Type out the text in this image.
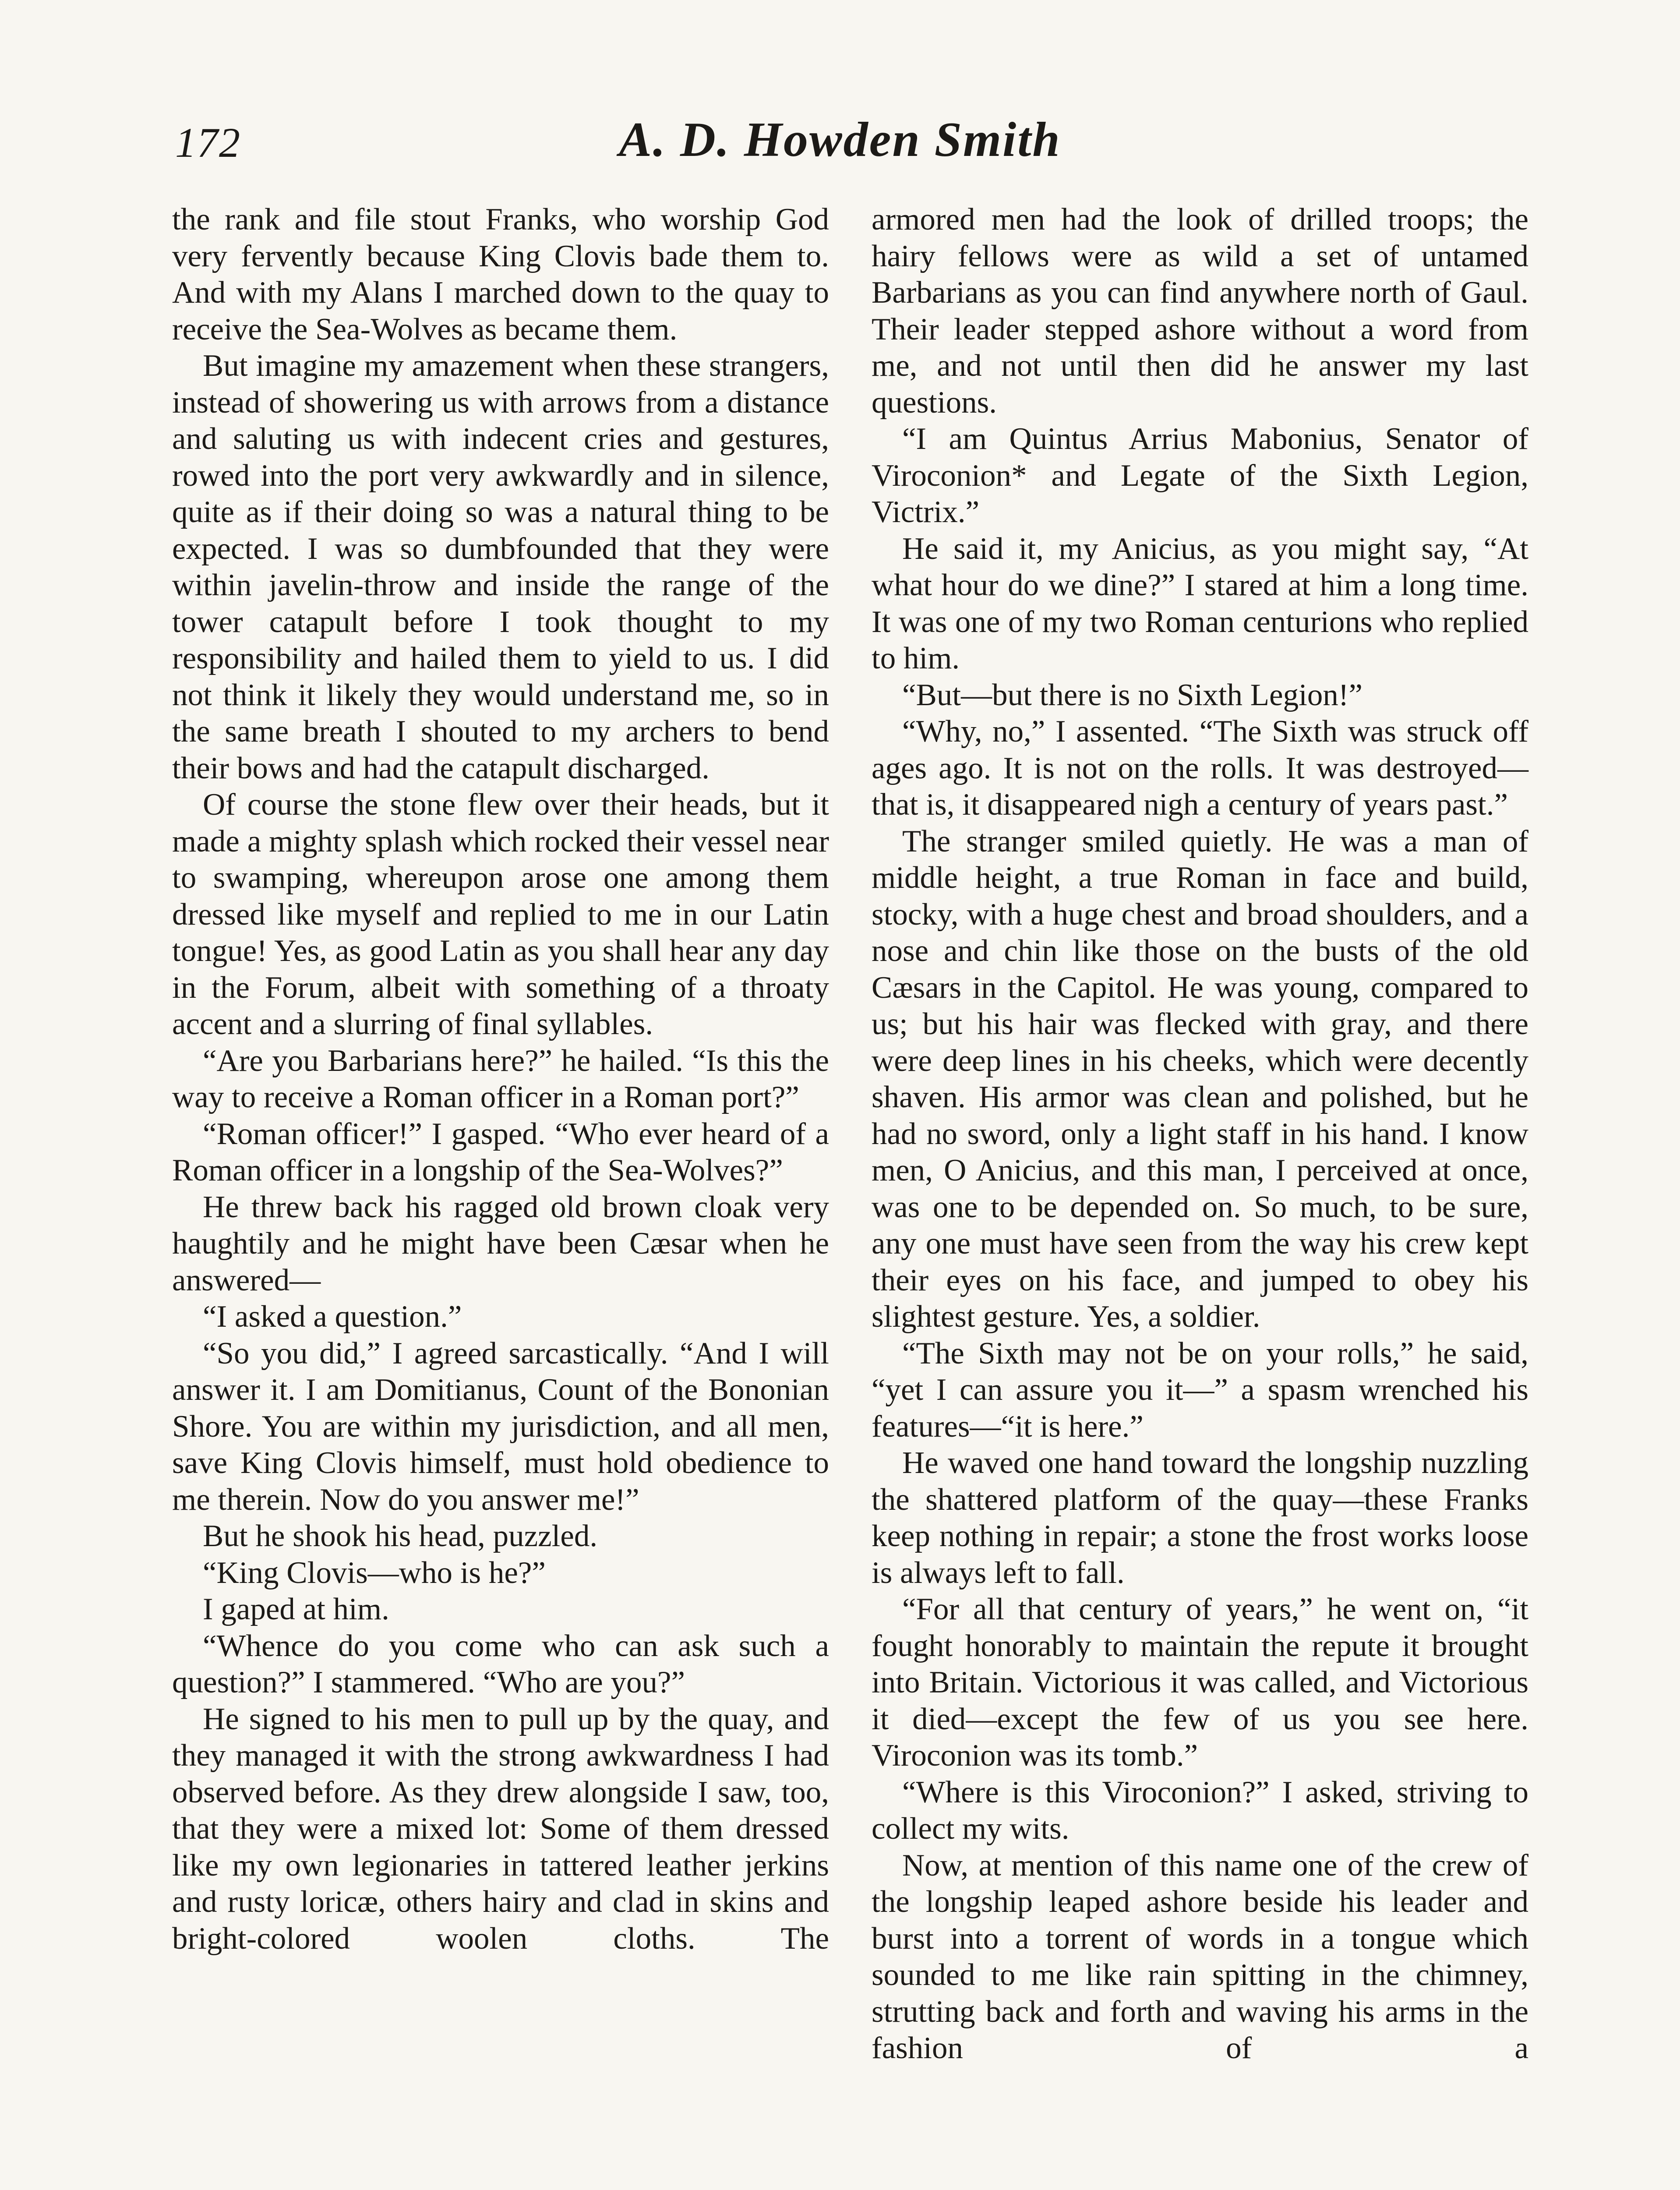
172	A. D. Howden Smith

the rank and file stout Franks, who worship God very fervently because King Clovis bade them to. And with my Alans I marched down to the quay to receive the Sea-Wolves as became them.

But imagine my amazement when these strangers, instead of showering us with arrows from a distance and saluting us with indecent cries and gestures, rowed into the port very awkwardly and in silence, quite as if their doing so was a natural thing to be expected. I was so dumbfounded that they were within javelin-throw and inside the range of the tower catapult before I took thought to my responsibility and hailed them to yield to us. I did not think it likely they would understand me, so in the same breath I shouted to my archers to bend their bows and had the catapult discharged.

Of course the stone flew over their heads, but it made a mighty splash which rocked their vessel near to swamping, whereupon arose one among them dressed like myself and replied to me in our Latin tongue! Yes, as good Latin as you shall hear any day in the Forum, albeit with something of a throaty accent and a slurring of final syllables.

“Are you Barbarians here?” he hailed. “Is this the way to receive a Roman officer in a Roman port?”

“Roman officer!” I gasped. “Who ever heard of a Roman officer in a longship of the Sea-Wolves?”

He threw back his ragged old brown cloak very haughtily and he might have been Cæsar when he answered—

“I asked a question.”

“So you did,” I agreed sarcastically. “And I will answer it. I am Domitianus, Count of the Bononian Shore. You are within my jurisdiction, and all men, save King Clovis himself, must hold obedience to me therein. Now do you answer me!”

But he shook his head, puzzled.

“King Clovis—who is he?”

I gaped at him.

“Whence do you come who can ask such a question?” I stammered. “Who are you?”

He signed to his men to pull up by the quay, and they managed it with the strong awkwardness I had observed before. As they drew alongside I saw, too, that they were a mixed lot: Some of them dressed like my own legionaries in tattered leather jerkins and rusty loricæ, others hairy and clad in skins and bright-colored woolen cloths. The

armored men had the look of drilled troops; the hairy fellows were as wild a set of untamed Barbarians as you can find anywhere north of Gaul. Their leader stepped ashore without a word from me, and not until then did he answer my last questions.

“I am Quintus Arrius Mabonius, Senator of Viroconion* and Legate of the Sixth Legion, Victrix.”

He said it, my Anicius, as you might say, “At what hour do we dine?” I stared at him a long time. It was one of my two Roman centurions who replied to him.

“But—but there is no Sixth Legion!”

“Why, no,” I assented. “The Sixth was struck off ages ago. It is not on the rolls. It was destroyed—that is, it disappeared nigh a century of years past.”

The stranger smiled quietly. He was a man of middle height, a true Roman in face and build, stocky, with a huge chest and broad shoulders, and a nose and chin like those on the busts of the old Cæsars in the Capitol. He was young, compared to us; but his hair was flecked with gray, and there were deep lines in his cheeks, which were decently shaven. His armor was clean and polished, but he had no sword, only a light staff in his hand. I know men, O Anicius, and this man, I perceived at once, was one to be depended on. So much, to be sure, any one must have seen from the way his crew kept their eyes on his face, and jumped to obey his slightest gesture. Yes, a soldier.

“The Sixth may not be on your rolls,” he said, “yet I can assure you it—” a spasm wrenched his features—“it is here.”

He waved one hand toward the longship nuzzling the shattered platform of the quay—these Franks keep nothing in repair; a stone the frost works loose is always left to fall.

“For all that century of years,” he went on, “it fought honorably to maintain the repute it brought into Britain. Victorious it was called, and Victorious it died—except the few of us you see here. Viroconion was its tomb.”

“Where is this Viroconion?” I asked, striving to collect my wits.

Now, at mention of this name one of the crew of the longship leaped ashore beside his leader and burst into a torrent of words in a tongue which sounded to me like rain spitting in the chimney, strutting back and forth and waving his arms in the fashion of a
